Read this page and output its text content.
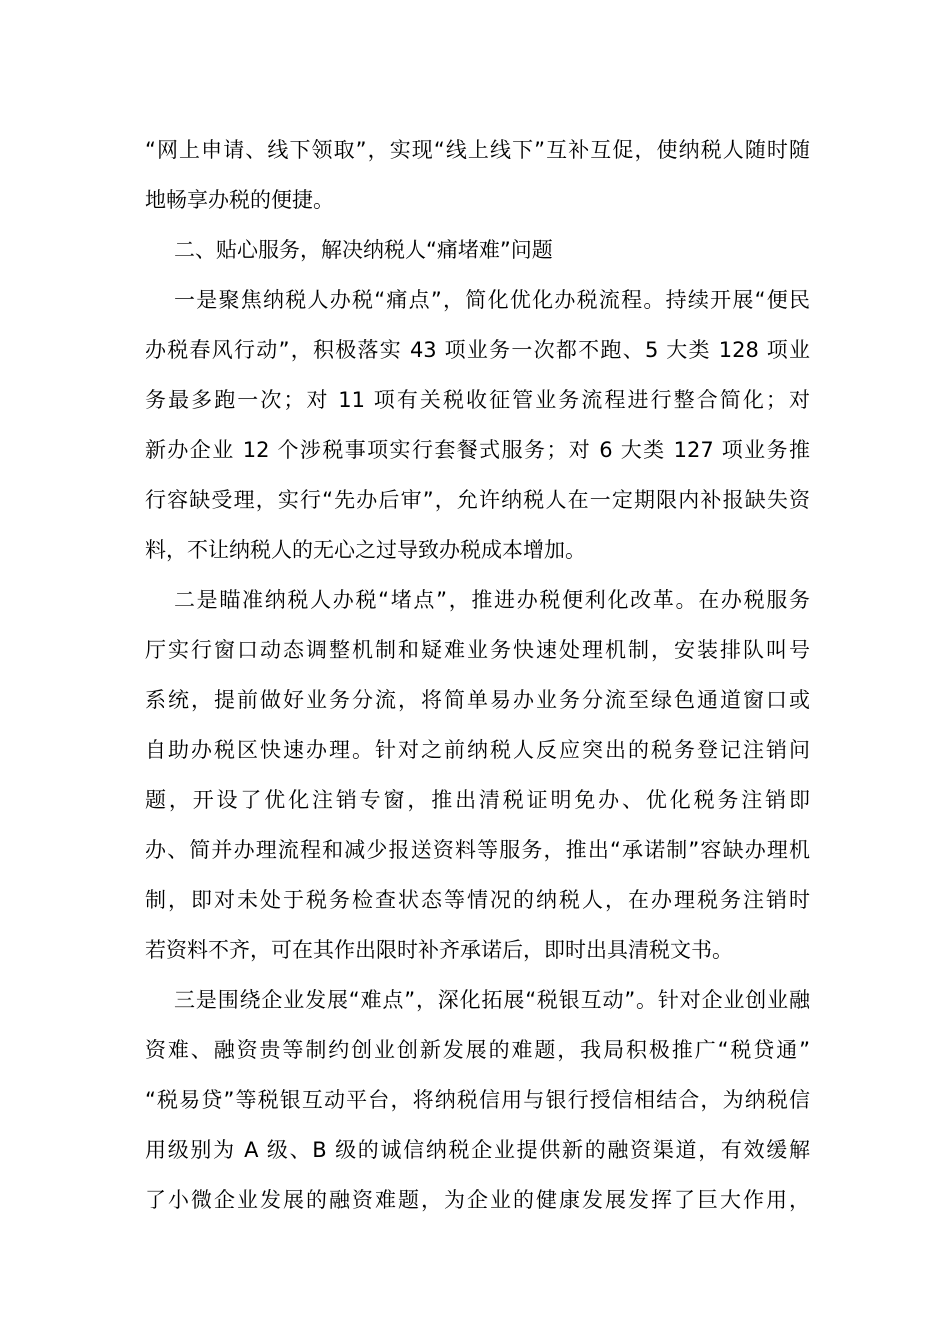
“网上申请、线下领取”，实现“线上线下”互补互促，使纳税人随时随
地畅享办税的便捷。
二、贴心服务，解决纳税人“痛堵难”问题
一是聚焦纳税人办税“痛点”，简化优化办税流程。持续开展“便民
办税春风行动”，积极落实 43 项业务一次都不跑、5 大类 128 项业
务最多跑一次；对 11 项有关税收征管业务流程进行整合简化；对
新办企业 12 个涉税事项实行套餐式服务；对 6 大类 127 项业务推
行容缺受理，实行“先办后审”，允许纳税人在一定期限内补报缺失资
料，不让纳税人的无心之过导致办税成本增加。
二是瞄准纳税人办税“堵点”，推进办税便利化改革。在办税服务
厅实行窗口动态调整机制和疑难业务快速处理机制，安装排队叫号
系统，提前做好业务分流，将简单易办业务分流至绿色通道窗口或
自助办税区快速办理。针对之前纳税人反应突出的税务登记注销问
题，开设了优化注销专窗，推出清税证明免办、优化税务注销即
办、简并办理流程和减少报送资料等服务，推出“承诺制”容缺办理机
制，即对未处于税务检查状态等情况的纳税人，在办理税务注销时
若资料不齐，可在其作出限时补齐承诺后，即时出具清税文书。
三是围绕企业发展“难点”，深化拓展“税银互动”。针对企业创业融
资难、融资贵等制约创业创新发展的难题，我局积极推广“税贷通”
“税易贷”等税银互动平台，将纳税信用与银行授信相结合，为纳税信
用级别为 A 级、B 级的诚信纳税企业提供新的融资渠道，有效缓解
了小微企业发展的融资难题，为企业的健康发展发挥了巨大作用，
